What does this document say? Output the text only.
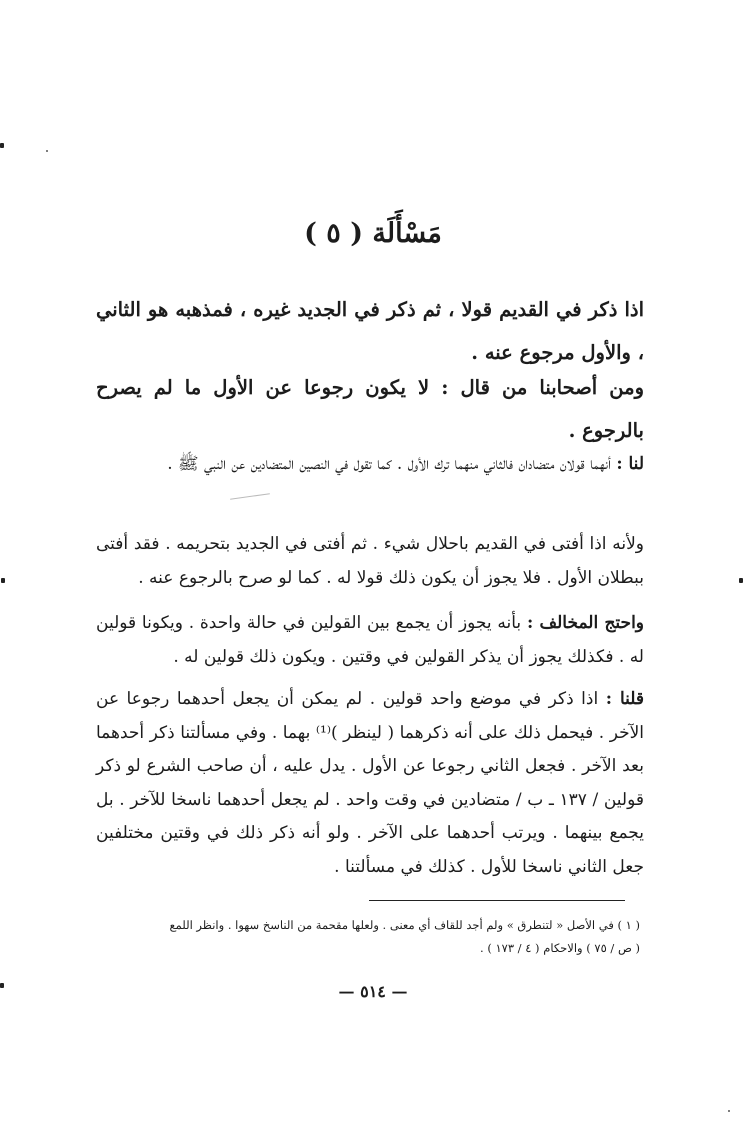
مَسْأَلَة ( ٥ )
اذا ذكر في القديم قولا ، ثم ذكر في الجديد غيره ، فمذهبه هو الثاني ، والأول مرجوع عنه .
ومن أصحابنا من قال : لا يكون رجوعا عن الأول ما لم يصرح بالرجوع .
لنا : أنهما قولان متضادان فالثاني منهما ترك الأول . كما تقول في النصين المتضادين عن النبي ﷺ .
ولأنه اذا أفتى في القديم باحلال شيء . ثم أفتى في الجديد بتحريمه . فقد أفتى ببطلان الأول . فلا يجوز أن يكون ذلك قولا له . كما لو صرح بالرجوع عنه .
واحتج المخالف : بأنه يجوز أن يجمع بين القولين في حالة واحدة . ويكونا قولين له . فكذلك يجوز أن يذكر القولين في وقتين . ويكون ذلك قولين له .
قلنا : اذا ذكر في موضع واحد قولين . لم يمكن أن يجعل أحدهما رجوعا عن الآخر . فيحمل ذلك على أنه ذكرهما ( لينظر )⁽¹⁾ بهما . وفي مسألتنا ذكر أحدهما بعد الآخر . فجعل الثاني رجوعا عن الأول . يدل عليه ، أن صاحب الشرع لو ذكر قولين / ١٣٧ ـ ب / متضادين في وقت واحد . لم يجعل أحدهما ناسخا للآخر . بل يجمع بينهما . ويرتب أحدهما على الآخر . ولو أنه ذكر ذلك في وقتين مختلفين جعل الثاني ناسخا للأول . كذلك في مسألتنا .
( ١ ) في الأصل « لتنطرق » ولم أجد للقاف أي معنى . ولعلها مقحمة من الناسخ سهوا . وانظر اللمع
( ص / ٧٥ ) والاحكام ( ٤ / ١٧٣ ) .
— ٥١٤ —
